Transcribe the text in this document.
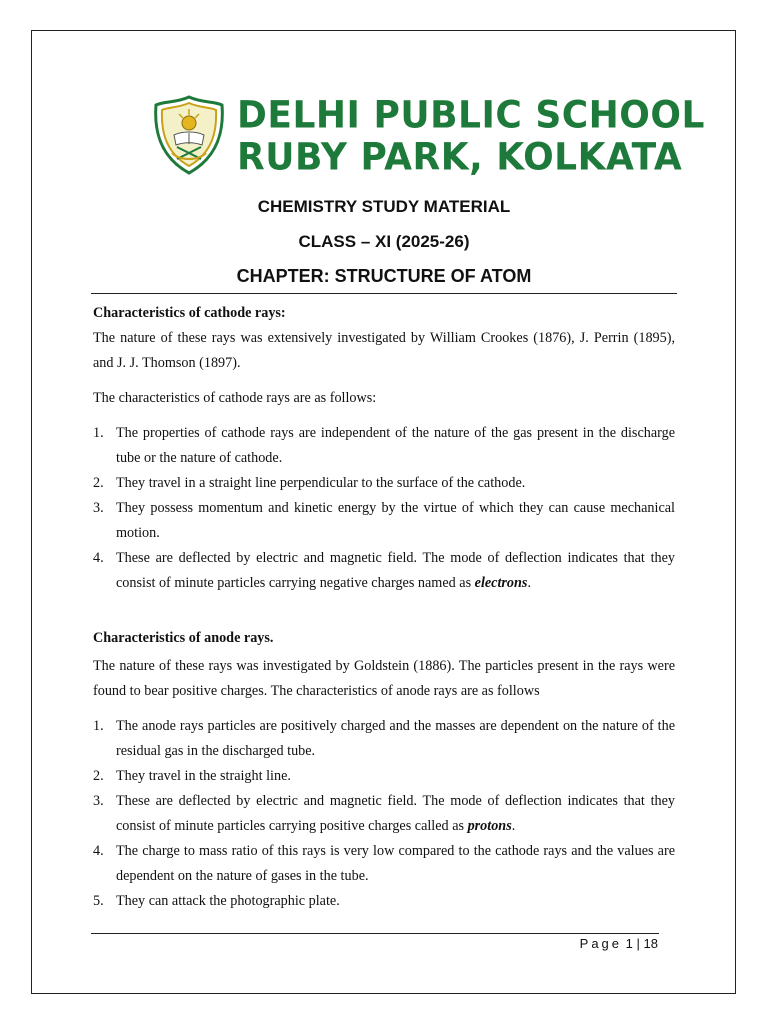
DELHI PUBLIC SCHOOL
RUBY PARK, KOLKATA
CHEMISTRY STUDY MATERIAL
CLASS – XI (2025-26)
CHAPTER: STRUCTURE OF ATOM

Characteristics of cathode rays:

The nature of these rays was extensively investigated by William Crookes (1876), J. Perrin (1895), and J. J. Thomson (1897).

The characteristics of cathode rays are as follows:

1. The properties of cathode rays are independent of the nature of the gas present in the discharge tube or the nature of cathode.
2. They travel in a straight line perpendicular to the surface of the cathode.
3. They possess momentum and kinetic energy by the virtue of which they can cause mechanical motion.
4. These are deflected by electric and magnetic field. The mode of deflection indicates that they consist of minute particles carrying negative charges named as electrons.

Characteristics of anode rays.

The nature of these rays was investigated by Goldstein (1886). The particles present in the rays were found to bear positive charges. The characteristics of anode rays are as follows

1. The anode rays particles are positively charged and the masses are dependent on the nature of the residual gas in the discharged tube.
2. They travel in the straight line.
3. These are deflected by electric and magnetic field. The mode of deflection indicates that they consist of minute particles carrying positive charges called as protons.
4. The charge to mass ratio of this rays is very low compared to the cathode rays and the values are dependent on the nature of gases in the tube.
5. They can attack the photographic plate.
Page 1 | 18
